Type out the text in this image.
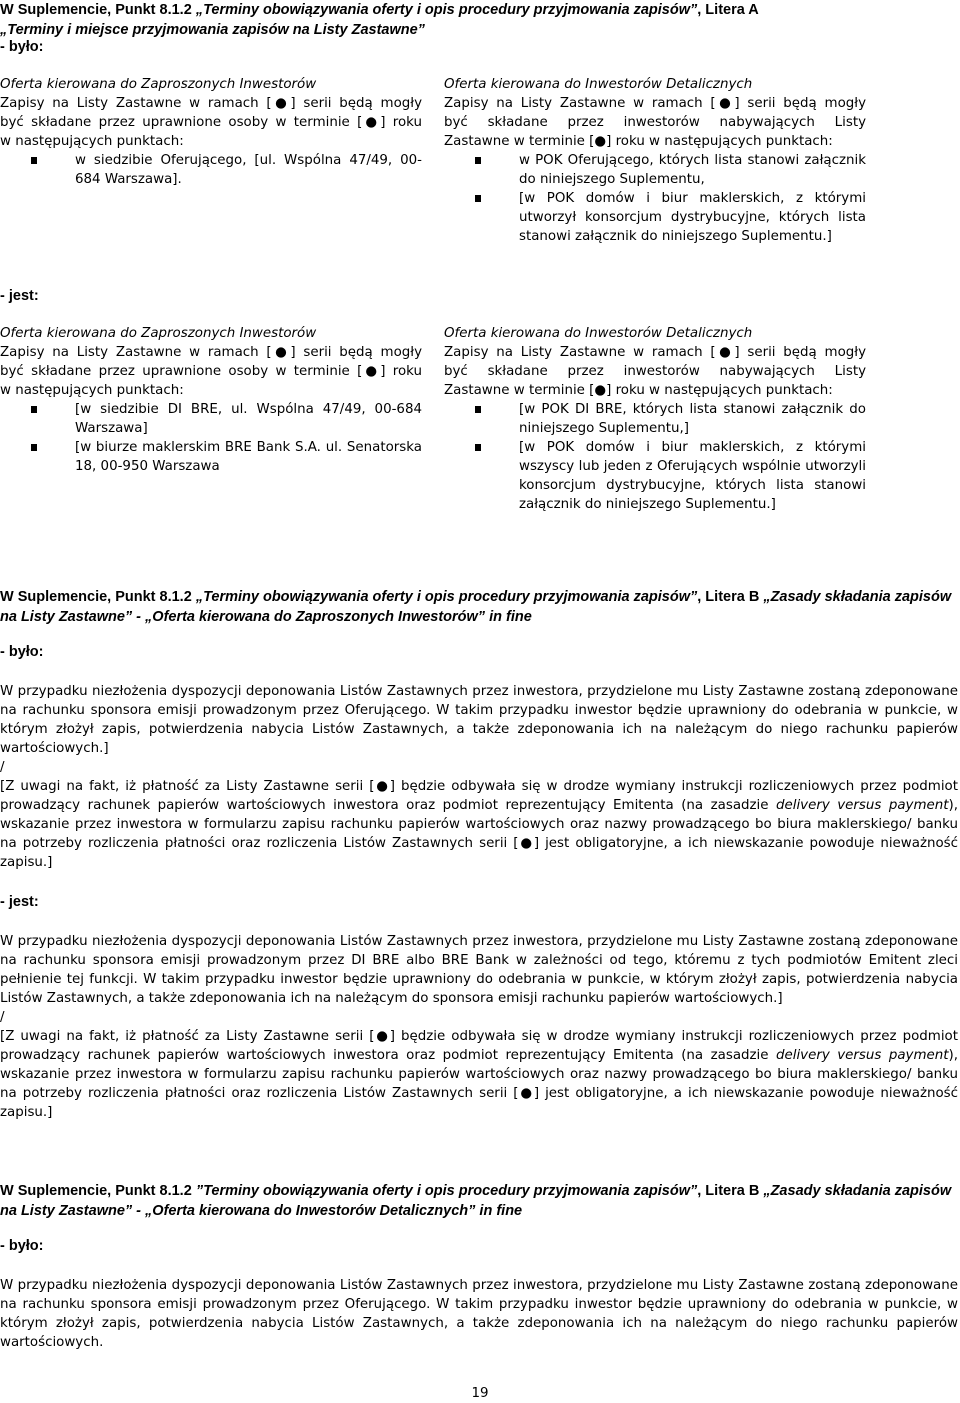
W Suplemencie, Punkt 8.1.2 „Terminy obowiązywania oferty i opis procedury przyjmowania zapisów”, Litera A
„Terminy i miejsce przyjmowania zapisów na Listy Zastawne”
- było:
Oferta kierowana do Zaproszonych Inwestorów
Zapisy na Listy Zastawne w ramach [●] serii będą mogły
być składane przez uprawnione osoby w terminie [●] roku
w następujących punktach:
w siedzibie Oferującego, [ul. Wspólna 47/49, 00-684 Warszawa].
Oferta kierowana do Inwestorów Detalicznych
Zapisy na Listy Zastawne w ramach [●] serii będą mogły
być składane przez inwestorów nabywających Listy
Zastawne w terminie [●] roku w następujących punktach:
w POK Oferującego, których lista stanowi załącznik do niniejszego Suplementu,
[w POK domów i biur maklerskich, z którymi utworzył konsorcjum dystrybucyjne, których lista stanowi załącznik do niniejszego Suplementu.]
- jest:
Oferta kierowana do Zaproszonych Inwestorów
Zapisy na Listy Zastawne w ramach [●] serii będą mogły
być składane przez uprawnione osoby w terminie [●] roku
w następujących punktach:
[w siedzibie DI BRE, ul. Wspólna 47/49, 00-684 Warszawa]
[w biurze maklerskim BRE Bank S.A. ul. Senatorska 18, 00-950 Warszawa
Oferta kierowana do Inwestorów Detalicznych
Zapisy na Listy Zastawne w ramach [●] serii będą mogły
być składane przez inwestorów nabywających Listy
Zastawne w terminie [●] roku w następujących punktach:
[w POK DI BRE, których lista stanowi załącznik do niniejszego Suplementu,]
[w POK domów i biur maklerskich, z którymi wszyscy lub jeden z Oferujących wspólnie utworzyli konsorcjum dystrybucyjne, których lista stanowi załącznik do niniejszego Suplementu.]
W Suplemencie, Punkt 8.1.2 „Terminy obowiązywania oferty i opis procedury przyjmowania zapisów”, Litera B „Zasady składania zapisów na Listy Zastawne” - „Oferta kierowana do Zaproszonych Inwestorów” in fine
- było:
W przypadku niezłożenia dyspozycji deponowania Listów Zastawnych przez inwestora, przydzielone mu Listy Zastawne zostaną zdeponowane na rachunku sponsora emisji prowadzonym przez Oferującego. W takim przypadku inwestor będzie uprawniony do odebrania w punkcie, w którym złożył zapis, potwierdzenia nabycia Listów Zastawnych, a także zdeponowania ich na należącym do niego rachunku papierów wartościowych.]
/
[Z uwagi na fakt, iż płatność za Listy Zastawne serii [●] będzie odbywała się w drodze wymiany instrukcji rozliczeniowych przez podmiot prowadzący rachunek papierów wartościowych inwestora oraz podmiot reprezentujący Emitenta (na zasadzie delivery versus payment), wskazanie przez inwestora w formularzu zapisu rachunku papierów wartościowych oraz nazwy prowadzącego bo biura maklerskiego/ banku na potrzeby rozliczenia płatności oraz rozliczenia Listów Zastawnych serii [●] jest obligatoryjne, a ich niewskazanie powoduje nieważność zapisu.]
- jest:
W przypadku niezłożenia dyspozycji deponowania Listów Zastawnych przez inwestora, przydzielone mu Listy Zastawne zostaną zdeponowane na rachunku sponsora emisji prowadzonym przez DI BRE albo BRE Bank w zależności od tego, któremu z tych podmiotów Emitent zleci pełnienie tej funkcji. W takim przypadku inwestor będzie uprawniony do odebrania w punkcie, w którym złożył zapis, potwierdzenia nabycia Listów Zastawnych, a także zdeponowania ich na należącym do sponsora emisji rachunku papierów wartościowych.]
/
[Z uwagi na fakt, iż płatność za Listy Zastawne serii [●] będzie odbywała się w drodze wymiany instrukcji rozliczeniowych przez podmiot prowadzący rachunek papierów wartościowych inwestora oraz podmiot reprezentujący Emitenta (na zasadzie delivery versus payment), wskazanie przez inwestora w formularzu zapisu rachunku papierów wartościowych oraz nazwy prowadzącego bo biura maklerskiego/ banku na potrzeby rozliczenia płatności oraz rozliczenia Listów Zastawnych serii [●] jest obligatoryjne, a ich niewskazanie powoduje nieważność zapisu.]
W Suplemencie, Punkt 8.1.2 ”Terminy obowiązywania oferty i opis procedury przyjmowania zapisów”, Litera B „Zasady składania zapisów na Listy Zastawne” - „Oferta kierowana do Inwestorów Detalicznych” in fine
- było:
W przypadku niezłożenia dyspozycji deponowania Listów Zastawnych przez inwestora, przydzielone mu Listy Zastawne zostaną zdeponowane na rachunku sponsora emisji prowadzonym przez Oferującego. W takim przypadku inwestor będzie uprawniony do odebrania w punkcie, w którym złożył zapis, potwierdzenia nabycia Listów Zastawnych, a także zdeponowania ich na należącym do niego rachunku papierów wartościowych.
19
